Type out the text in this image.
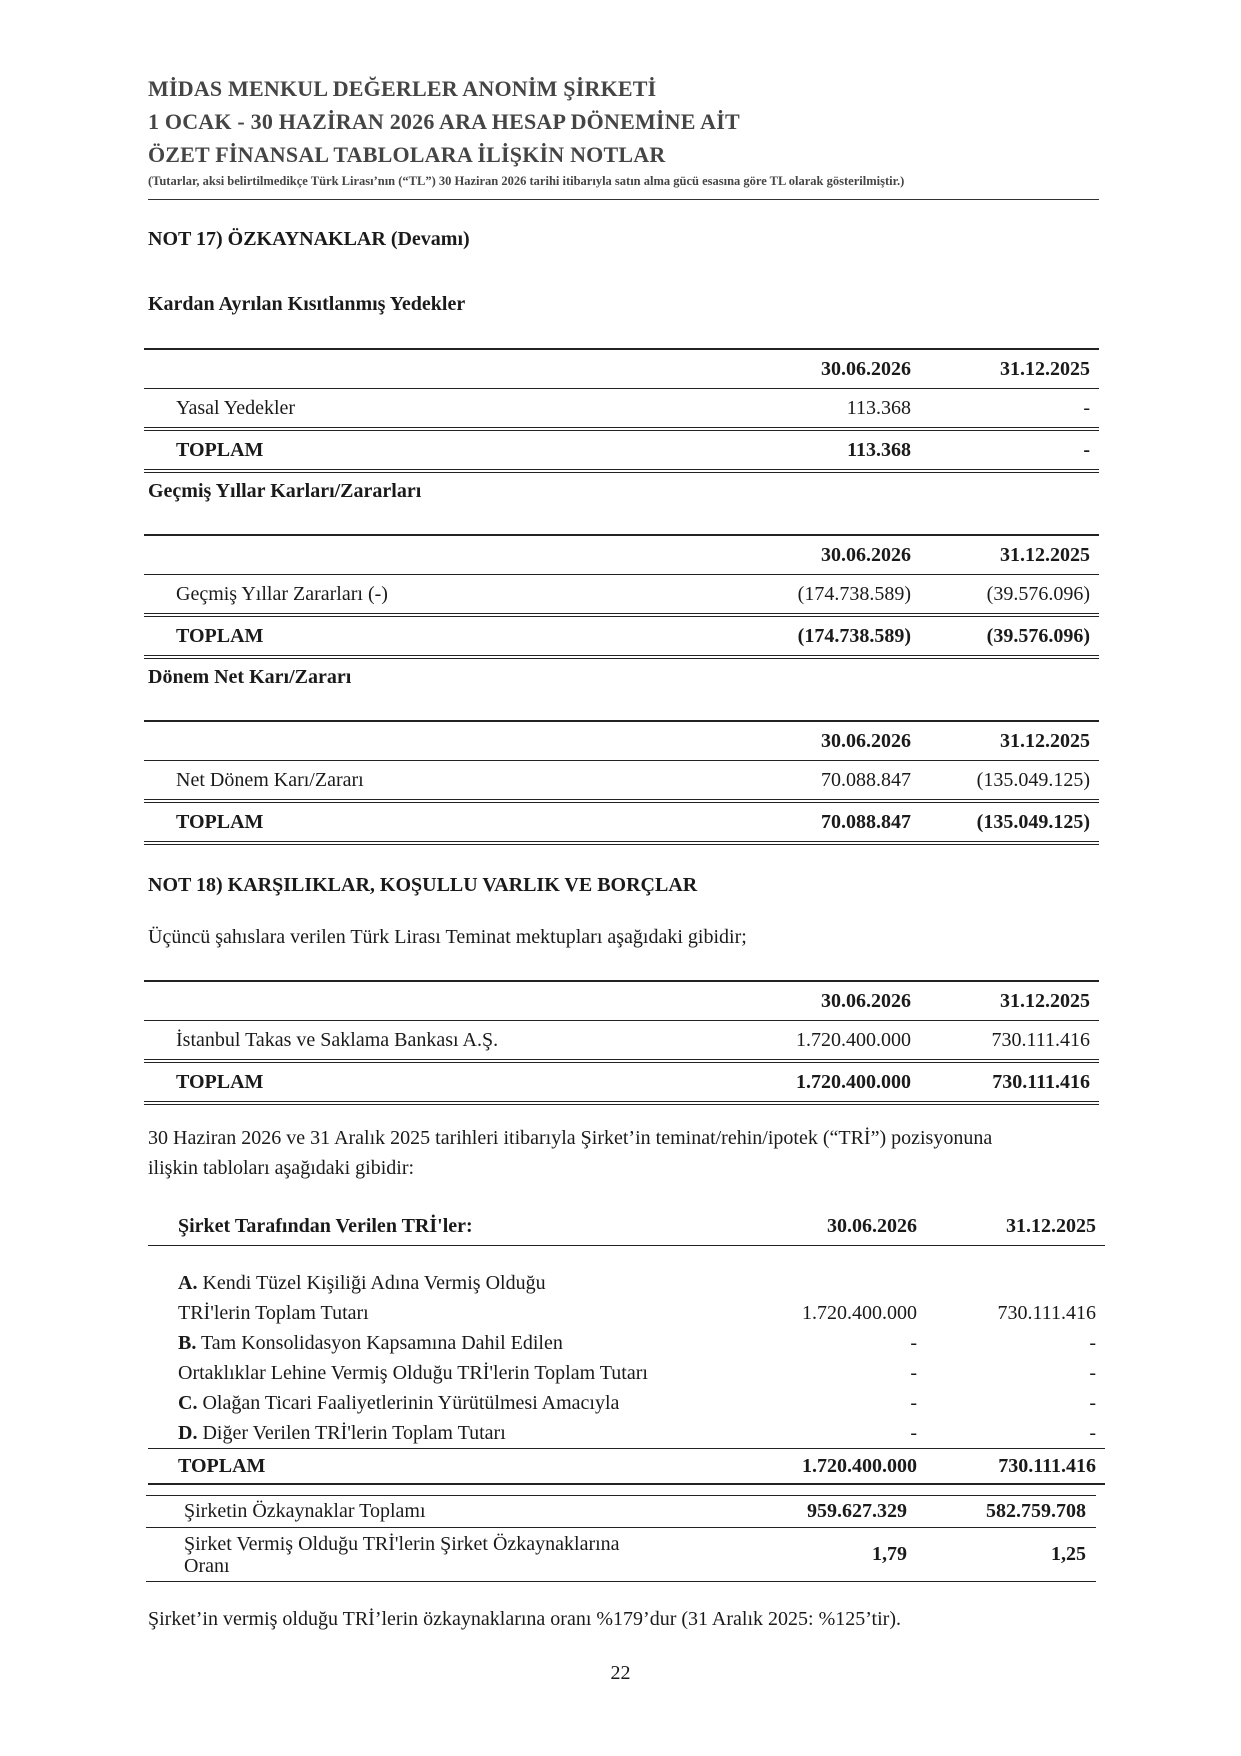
MİDAS MENKUL DEĞERLER ANONİM ŞİRKETİ
1 OCAK - 30 HAZİRAN 2026 ARA HESAP DÖNEMİNE AİT
ÖZET FİNANSAL TABLOLARA İLİŞKİN NOTLAR
(Tutarlar, aksi belirtilmedikçe Türk Lirası’nın (“TL”) 30 Haziran 2026 tarihi itibarıyla satın alma gücü esasına göre TL olarak gösterilmiştir.)
NOT 17) ÖZKAYNAKLAR (Devamı)
Kardan Ayrılan Kısıtlanmış Yedekler
	30.06.2026	31.12.2025
Yasal Yedekler	113.368	-
TOPLAM	113.368	-
Geçmiş Yıllar Karları/Zararları
	30.06.2026	31.12.2025
Geçmiş Yıllar Zararları (-)	(174.738.589)	(39.576.096)
TOPLAM	(174.738.589)	(39.576.096)
Dönem Net Karı/Zararı
	30.06.2026	31.12.2025
Net Dönem Karı/Zararı	70.088.847	(135.049.125)
TOPLAM	70.088.847	(135.049.125)
NOT 18) KARŞILIKLAR, KOŞULLU VARLIK VE BORÇLAR
Üçüncü şahıslara verilen Türk Lirası Teminat mektupları aşağıdaki gibidir;
	30.06.2026	31.12.2025
İstanbul Takas ve Saklama Bankası A.Ş.	1.720.400.000	730.111.416
TOPLAM	1.720.400.000	730.111.416
30 Haziran 2026 ve 31 Aralık 2025 tarihleri itibarıyla Şirket’in teminat/rehin/ipotek (“TRİ”) pozisyonuna
ilişkin tabloları aşağıdaki gibidir:
Şirket Tarafından Verilen TRİ'ler:	30.06.2026	31.12.2025
A. Kendi Tüzel Kişiliği Adına Vermiş Olduğu
TRİ'lerin Toplam Tutarı	1.720.400.000	730.111.416
B. Tam Konsolidasyon Kapsamına Dahil Edilen	-	-
Ortaklıklar Lehine Vermiş Olduğu TRİ'lerin Toplam Tutarı	-	-
C. Olağan Ticari Faaliyetlerinin Yürütülmesi Amacıyla	-	-
D. Diğer Verilen TRİ'lerin Toplam Tutarı	-	-
TOPLAM	1.720.400.000	730.111.416
Şirketin Özkaynaklar Toplamı	959.627.329	582.759.708

Şirket Vermiş Olduğu TRİ'lerin Şirket Özkaynaklarına
Oranı	1,79	1,25
Şirket’in vermiş olduğu TRİ’lerin özkaynaklarına oranı %179’dur (31 Aralık 2025: %125’tir).
22
